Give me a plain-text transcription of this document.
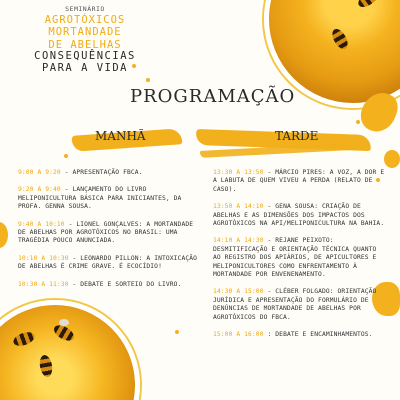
SEMINÁRIO
AGROTÓXICOS
MORTANDADE
DE ABELHAS
CONSEQUÊNCIAS
PARA A VIDA
PROGRAMAÇÃO
MANHÃ	TARDE
9:00 A 9:20 - APRESENTAÇÃO FBCA.
9:20 A 9:40 - LANÇAMENTO DO LIVRO MELIPONICULTURA BÁSICA PARA INICIANTES, DA PROFA. GENNA SOUSA.
9:40 A 10:10 - LIONEL GONÇALVES: A MORTANDADE DE ABELHAS POR AGROTÓXICOS NO BRASIL: UMA TRAGÉDIA POUCO ANUNCIADA.
10:10 A 10:30 - LEONARDO PILLON: A INTOXICAÇÃO DE ABELHAS É CRIME GRAVE. É ECOCÍDIO!
10:30 A 11:30 - DEBATE E SORTEIO DO LIVRO.
13:30 A 13:50 - MÁRCIO PIRES: A VOZ, A DOR E A LABUTA DE QUEM VIVEU A PERDA (RELATO DE CASO).
13:50 A 14:10 - GENA SOUSA: CRIAÇÃO DE ABELHAS E AS DIMENSÕES DOS IMPACTOS DOS AGROTÓXICOS NA API/MELIPONICULTURA NA BAHIA.
14:10 A 14:30 - REJANE PEIXOTO: DESMITIFICAÇÃO E ORIENTAÇÃO TÉCNICA QUANTO AO REGISTRO DOS APIÁRIOS, DE APICULTORES E MELIPONICULTORES COMO ENFRENTAMENTO À MORTANDADE POR ENVENENAMENTO.
14:30 A 15:00 - CLÉBER FOLGADO: ORIENTAÇÃO JURÍDICA E APRESENTAÇÃO DO FORMULÁRIO DE DENÚNCIAS DE MORTANDADE DE ABELHAS POR AGROTÓXICOS DO FBCA.
15:00 A 16:00 : DEBATE E ENCAMINHAMENTOS.
